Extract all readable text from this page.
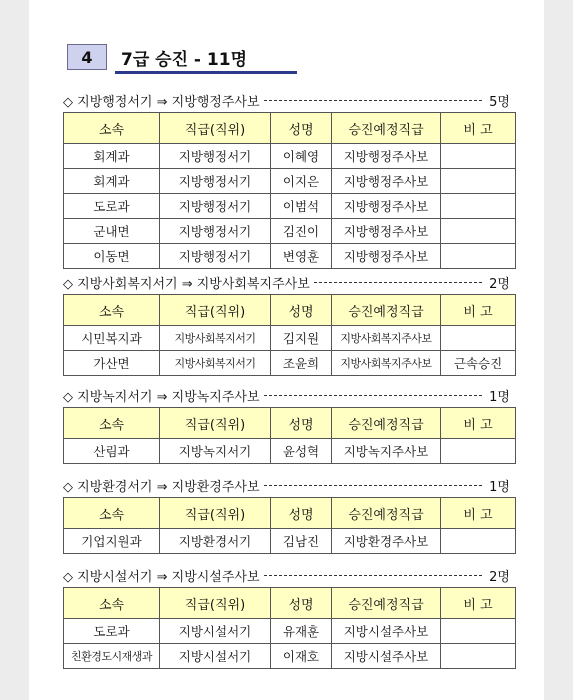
4	7급 승진 - 11명
◇ 지방행정서기 ⇒ 지방행정주사보	5명
소속	직급(직위)	성명	승진예정직급	비 고
회계과	지방행정서기	이혜영	지방행정주사보	
회계과	지방행정서기	이지은	지방행정주사보	
도로과	지방행정서기	이범석	지방행정주사보	
군내면	지방행정서기	김진이	지방행정주사보	
이동면	지방행정서기	변영훈	지방행정주사보	
◇ 지방사회복지서기 ⇒ 지방사회복지주사보	2명
소속	직급(직위)	성명	승진예정직급	비 고
시민복지과	지방사회복지서기	김지원	지방사회복지주사보	
가산면	지방사회복지서기	조윤희	지방사회복지주사보	근속승진
◇ 지방녹지서기 ⇒ 지방녹지주사보	1명
소속	직급(직위)	성명	승진예정직급	비 고
산림과	지방녹지서기	윤성혁	지방녹지주사보	
◇ 지방환경서기 ⇒ 지방환경주사보	1명
소속	직급(직위)	성명	승진예정직급	비 고
기업지원과	지방환경서기	김남진	지방환경주사보	
◇ 지방시설서기 ⇒ 지방시설주사보	2명
소속	직급(직위)	성명	승진예정직급	비 고
도로과	지방시설서기	유재훈	지방시설주사보	
친환경도시재생과	지방시설서기	이재호	지방시설주사보	
